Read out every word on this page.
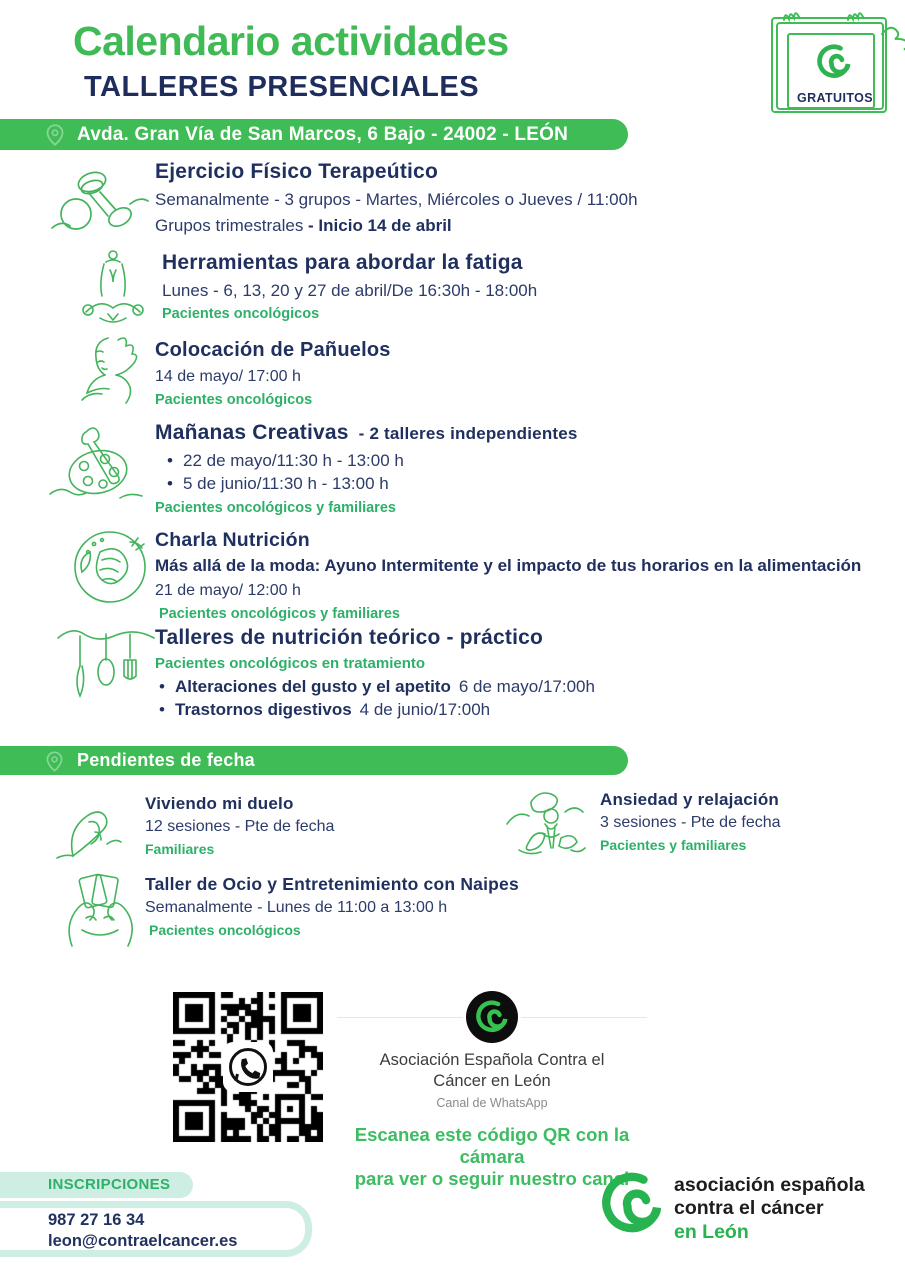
Calendario actividades
TALLERES PRESENCIALES	GRATUITOS
Avda. Gran Vía de San Marcos, 6 Bajo - 24002 - LEÓN
Ejercicio Físico Terapeútico

Semanalmente - 3 grupos - Martes, Miércoles o Jueves / 11:00h

Grupos trimestrales - Inicio 14 de abril

Herramientas para abordar la fatiga

Lunes - 6, 13, 20 y 27 de abril/De 16:30h - 18:00h

Pacientes oncológicos
Colocación de Pañuelos

14 de mayo/ 17:00 h

Pacientes oncológicos
Mañanas Creativas - 2 talleres independientes
• 22 de mayo/11:30 h - 13:00 h
• 5 de junio/11:30 h - 13:00 h
Pacientes oncológicos y familiares
Charla Nutrición

Más allá de la moda: Ayuno Intermitente y el impacto de tus horarios en la alimentación

21 de mayo/ 12:00 h

Pacientes oncológicos y familiares
Talleres de nutrición teórico - práctico
Pacientes oncológicos en tratamiento
• Alteraciones del gusto y el apetito 6 de mayo/17:00h
• Trastornos digestivos 4 de junio/17:00h
Pendientes de fecha
Viviendo mi duelo

12 sesiones - Pte de fecha

Familiares
Ansiedad y relajación

3 sesiones - Pte de fecha

Pacientes y familiares
Taller de Ocio y Entretenimiento con Naipes

Semanalmente - Lunes de 11:00 a 13:00 h

Pacientes oncológicos
Asociación Española Contra el
Cáncer en León
Canal de WhatsApp
Escanea este código QR con la cámara
para ver o seguir nuestro canal
INSCRIPCIONES
987 27 16 34
leon@contraelcancer.es
asociación española
contra el cáncer
en León
